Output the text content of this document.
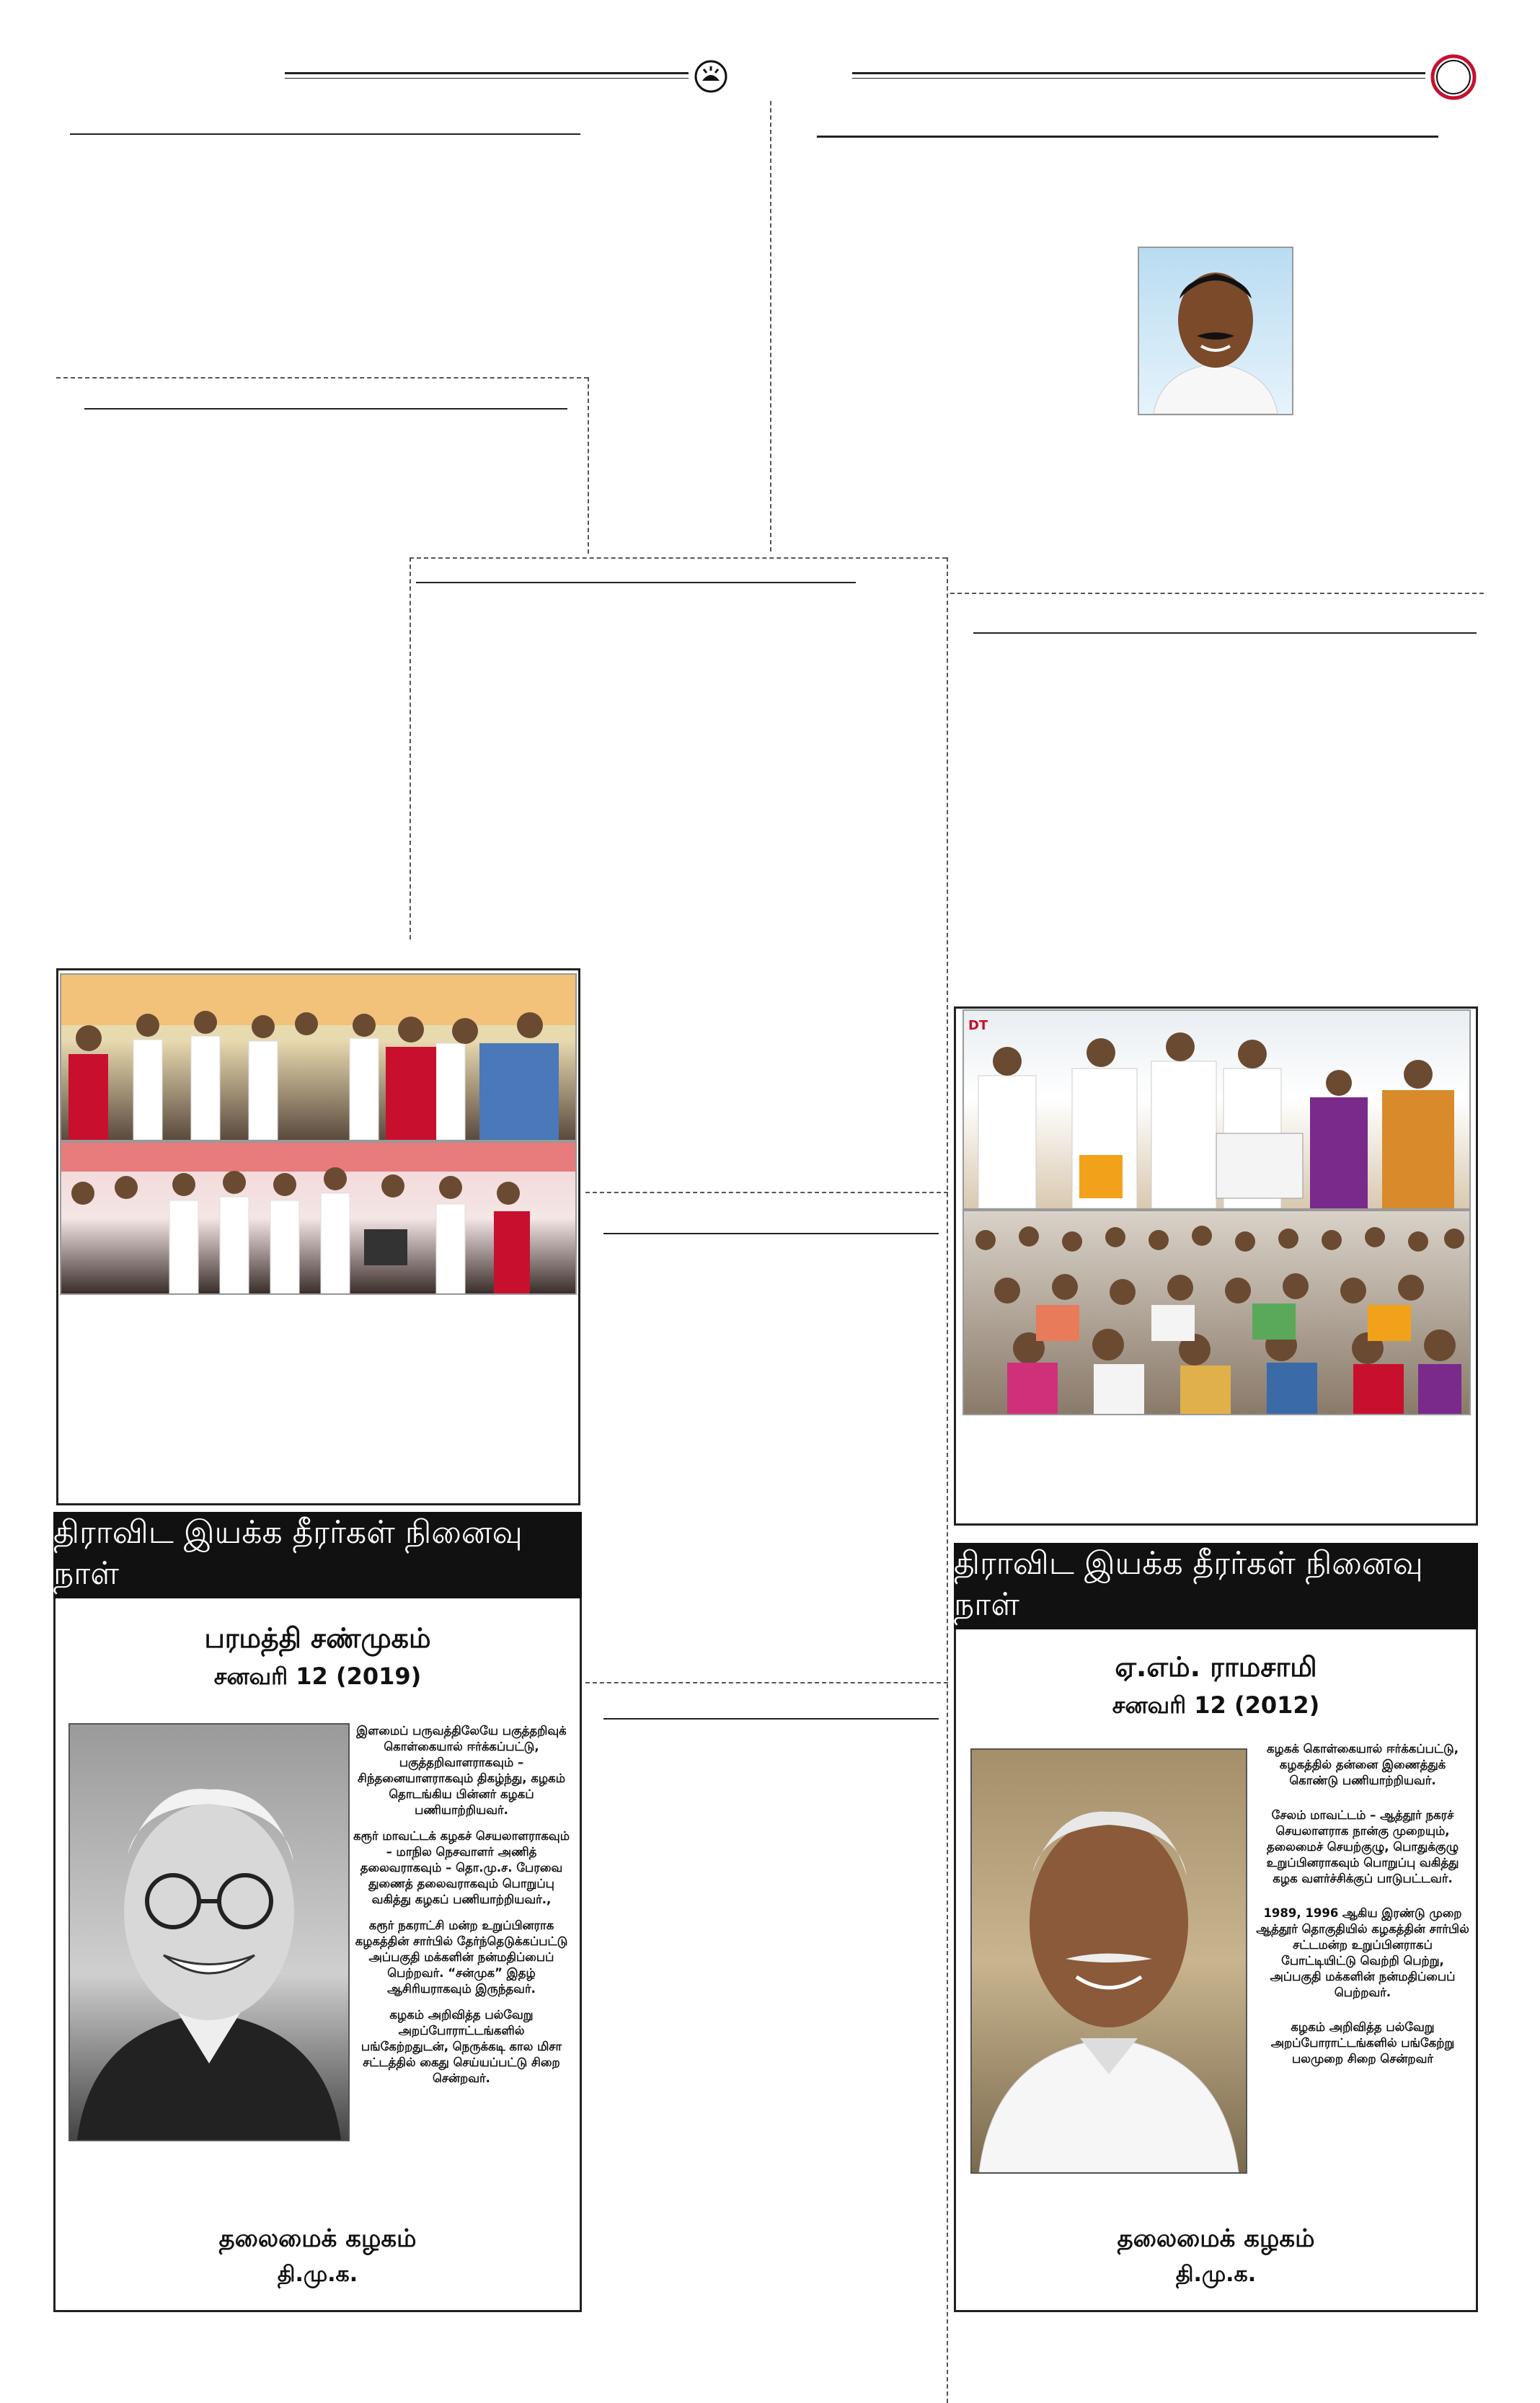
DT
திராவிட இயக்க தீரர்கள் நினைவு நாள்
பரமத்தி சண்முகம்
சனவரி 12 (2019)

இளமைப் பருவத்திலேயே பகுத்தறிவுக் கொள்கையால் ஈர்க்கப்பட்டு, பகுத்தறிவாளராகவும் – சிந்தனையாளராகவும் திகழ்ந்து, கழகம் தொடங்கிய பின்னர் கழகப் பணியாற்றியவர்.

கரூர் மாவட்டக் கழகச் செயலாளராகவும் – மாநில நெசவாளர் அணித் தலைவராகவும் – தொ.மு.ச. பேரவை துணைத் தலைவராகவும் பொறுப்பு வகித்து கழகப் பணியாற்றியவர்.,

கரூர் நகராட்சி மன்ற உறுப்பினராக கழகத்தின் சார்பில் தேர்ந்தெடுக்கப்பட்டு அப்பகுதி மக்களின் நன்மதிப்பைப் பெற்றவர். “சன்முக” இதழ் ஆசிரியராகவும் இருந்தவர்.

கழகம் அறிவித்த பல்வேறு அறப்போராட்டங்களில் பங்கேற்றதுடன், நெருக்கடி கால மிசா சட்டத்தில் கைது செய்யப்பட்டு சிறை சென்றவர்.

தலைமைக் கழகம்
தி.மு.க.
திராவிட இயக்க தீரர்கள் நினைவு நாள்
ஏ.எம். ராமசாமி
சனவரி 12 (2012)

கழகக் கொள்கையால் ஈர்க்கப்பட்டு, கழகத்தில் தன்னை இணைத்துக் கொண்டு பணியாற்றியவர்.

சேலம் மாவட்டம் – ஆத்தூர் நகரச் செயலாளராக நான்கு முறையும், தலைமைச் செயற்குழு, பொதுக்குழு உறுப்பினராகவும் பொறுப்பு வகித்து கழக வளர்ச்சிக்குப் பாடுபட்டவர்.

1989, 1996 ஆகிய இரண்டு முறை ஆத்தூர் தொகுதியில் கழகத்தின் சார்பில் சட்டமன்ற உறுப்பினராகப் போட்டியிட்டு வெற்றி பெற்று, அப்பகுதி மக்களின் நன்மதிப்பைப் பெற்றவர்.

கழகம் அறிவித்த பல்வேறு அறப்போராட்டங்களில் பங்கேற்று பலமுறை சிறை சென்றவர்

தலைமைக் கழகம்
தி.மு.க.
